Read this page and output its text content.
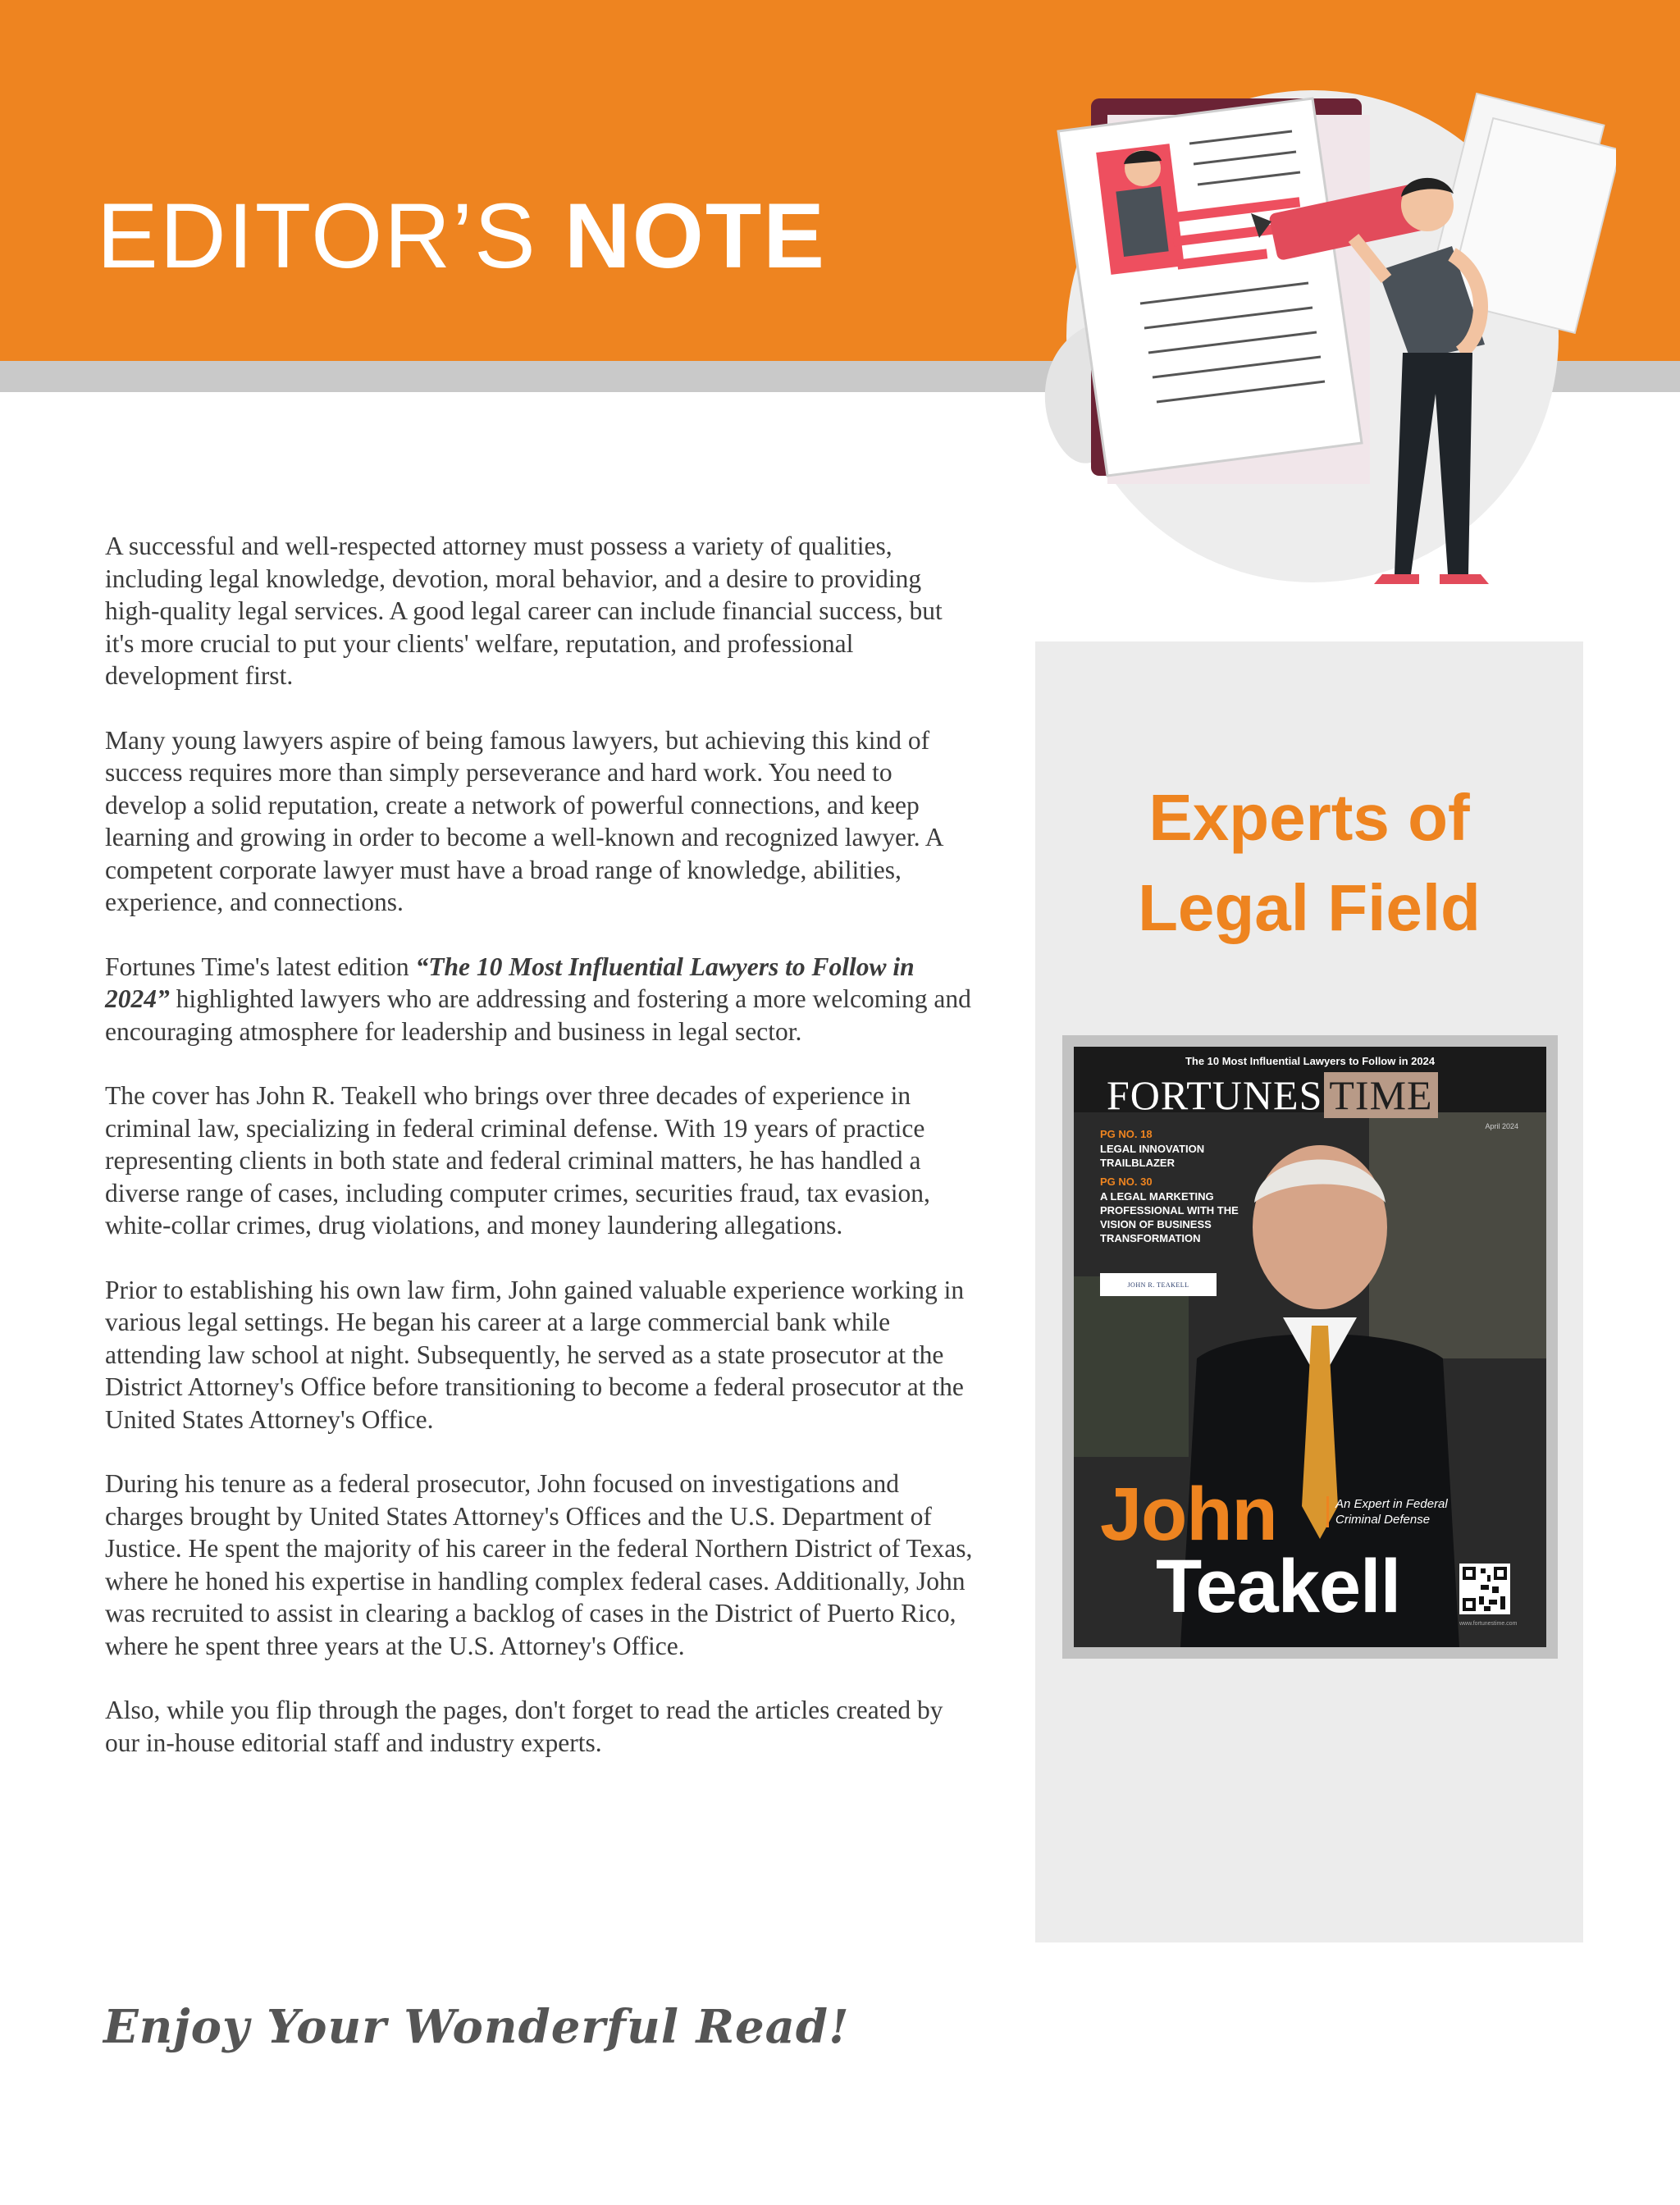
EDITOR’S NOTE

A successful and well-respected attorney must possess a variety of qualities, including legal knowledge, devotion, moral behavior, and a desire to providing high-quality legal services. A good legal career can include financial success, but it's more crucial to put your clients' welfare, reputation, and professional development first.

Many young lawyers aspire of being famous lawyers, but achieving this kind of success requires more than simply perseverance and hard work. You need to develop a solid reputation, create a network of powerful connections, and keep learning and growing in order to become a well-known and recognized lawyer. A competent corporate lawyer must have a broad range of knowledge, abilities, experience, and connections.

Fortunes Time's latest edition “The 10 Most Influential Lawyers to Follow in 2024” highlighted lawyers who are addressing and fostering a more welcoming and encouraging atmosphere for leadership and business in legal sector.

The cover has John R. Teakell who brings over three decades of experience in criminal law, specializing in federal criminal defense. With 19 years of practice representing clients in both state and federal criminal matters, he has handled a diverse range of cases, including computer crimes, securities fraud, tax evasion, white-collar crimes, drug violations, and money laundering allegations.

Prior to establishing his own law firm, John gained valuable experience working in various legal settings. He began his career at a large commercial bank while attending law school at night. Subsequently, he served as a state prosecutor at the District Attorney's Office before transitioning to become a federal prosecutor at the United States Attorney's Office.

During his tenure as a federal prosecutor, John focused on investigations and charges brought by United States Attorney's Offices and the U.S. Department of Justice. He spent the majority of his career in the federal Northern District of Texas, where he honed his expertise in handling complex federal cases. Additionally, John was recruited to assist in clearing a backlog of cases in the District of Puerto Rico, where he spent three years at the U.S. Attorney's Office.

Also, while you flip through the pages, don't forget to read the articles created by our in-house editorial staff and industry experts.

Enjoy Your Wonderful Read!
Experts of
Legal Field
The 10 Most Influential Lawyers to Follow in 2024
FORTUNES TIME
April 2024
PG NO. 18
LEGAL INNOVATION TRAILBLAZER
PG NO. 30
A LEGAL MARKETING PROFESSIONAL WITH THE VISION OF BUSINESS TRANSFORMATION
JOHN R. TEAKELL
John
Teakell
An Expert in Federal Criminal Defense
www.fortunestime.com
